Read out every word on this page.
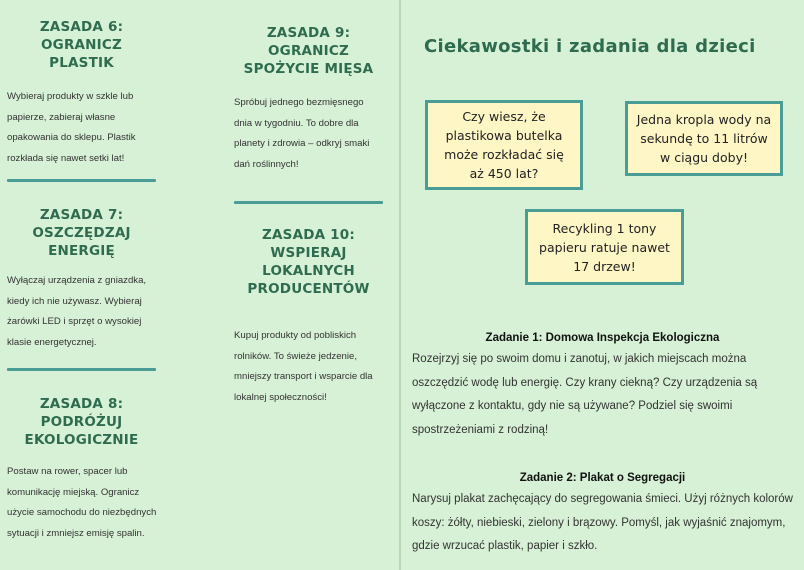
ZASADA 6:
OGRANICZ
PLASTIK

Wybieraj produkty w szkle lub papierze, zabieraj własne opakowania do sklepu. Plastik rozkłada się nawet setki lat!

ZASADA 7:
OSZCZĘDZAJ
ENERGIĘ

Wyłączaj urządzenia z gniazdka, kiedy ich nie używasz. Wybieraj żarówki LED i sprzęt o wysokiej klasie energetycznej.

ZASADA 8:
PODRÓŻUJ
EKOLOGICZNIE

Postaw na rower, spacer lub komunikację miejską. Ogranicz użycie samochodu do niezbędnych sytuacji i zmniejsz emisję spalin.

ZASADA 9:
OGRANICZ
SPOŻYCIE MIĘSA

Spróbuj jednego bezmięsnego dnia w tygodniu. To dobre dla planety i zdrowia – odkryj smaki dań roślinnych!

ZASADA 10:
WSPIERAJ
LOKALNYCH
PRODUCENTÓW

Kupuj produkty od pobliskich rolników. To świeże jedzenie, mniejszy transport i wsparcie dla lokalnej społeczności!

Ciekawostki i zadania dla dzieci
Czy wiesz, że plastikowa butelka może rozkładać się aż 450 lat?
Jedna kropla wody na sekundę to 11 litrów w ciągu doby!
Recykling 1 tony papieru ratuje nawet 17 drzew!
Zadanie 1: Domowa Inspekcja Ekologiczna

Rozejrzyj się po swoim domu i zanotuj, w jakich miejscach można oszczędzić wodę lub energię. Czy krany ciekną? Czy urządzenia są wyłączone z kontaktu, gdy nie są używane? Podziel się swoimi spostrzeżeniami z rodziną!

Zadanie 2: Plakat o Segregacji

Narysuj plakat zachęcający do segregowania śmieci. Użyj różnych kolorów koszy: żółty, niebieski, zielony i brązowy. Pomyśl, jak wyjaśnić znajomym, gdzie wrzucać plastik, papier i szkło.
